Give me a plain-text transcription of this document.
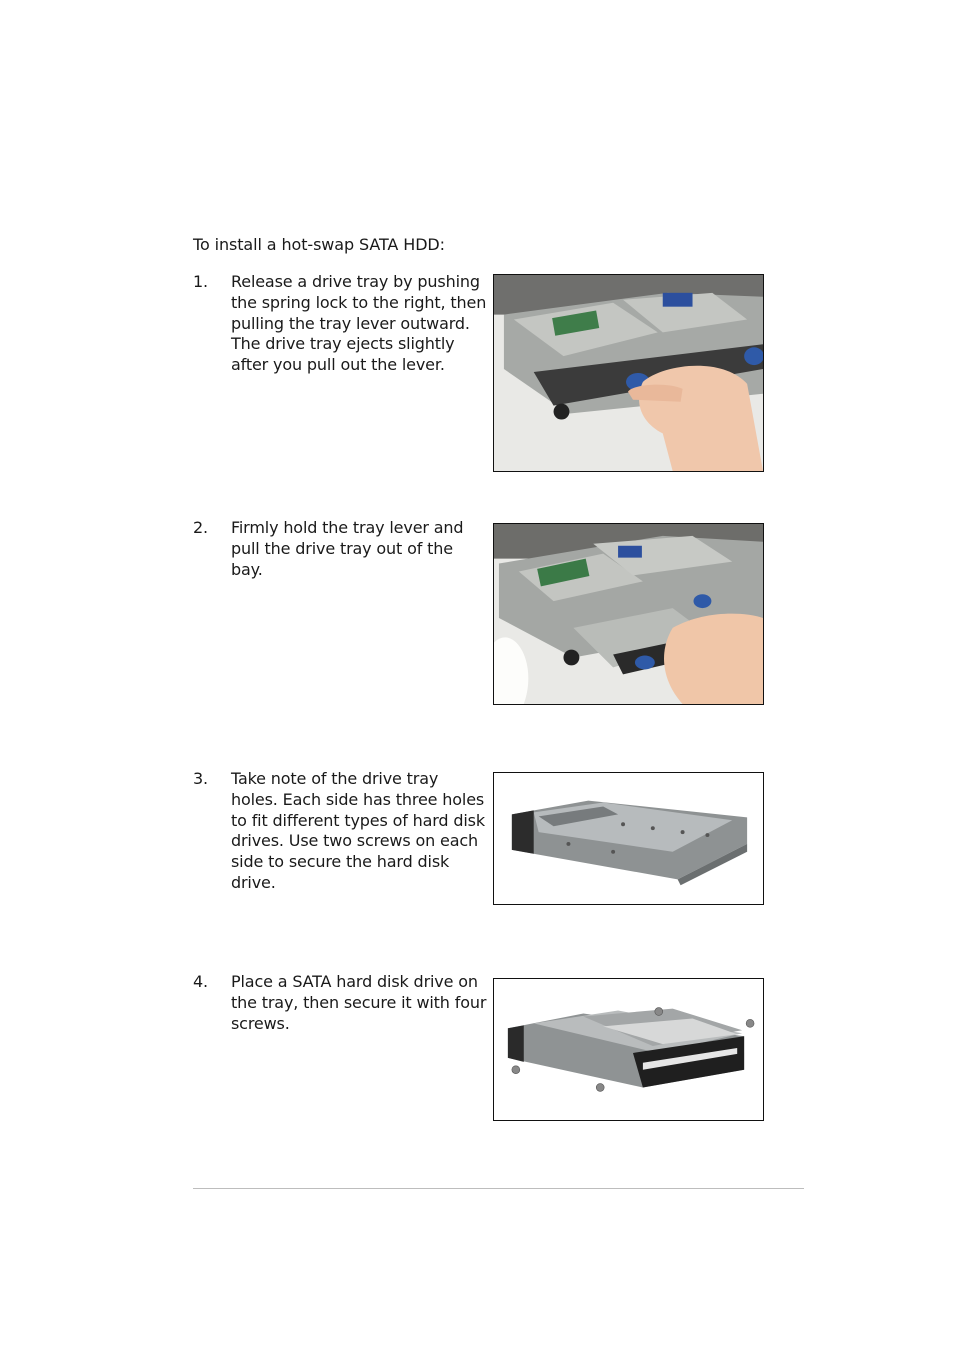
To install a hot-swap SATA HDD:
1. Release a drive tray by pushing the spring lock to the right, then pulling the tray lever outward. The drive tray ejects slightly after you pull out the lever.
2. Firmly hold the tray lever and pull the drive tray out of the bay.
3. Take note of the drive tray holes. Each side has three holes to fit different types of hard disk drives. Use two screws on each side to secure the hard disk drive.
4. Place a SATA hard disk drive on the tray, then secure it with four screws.
